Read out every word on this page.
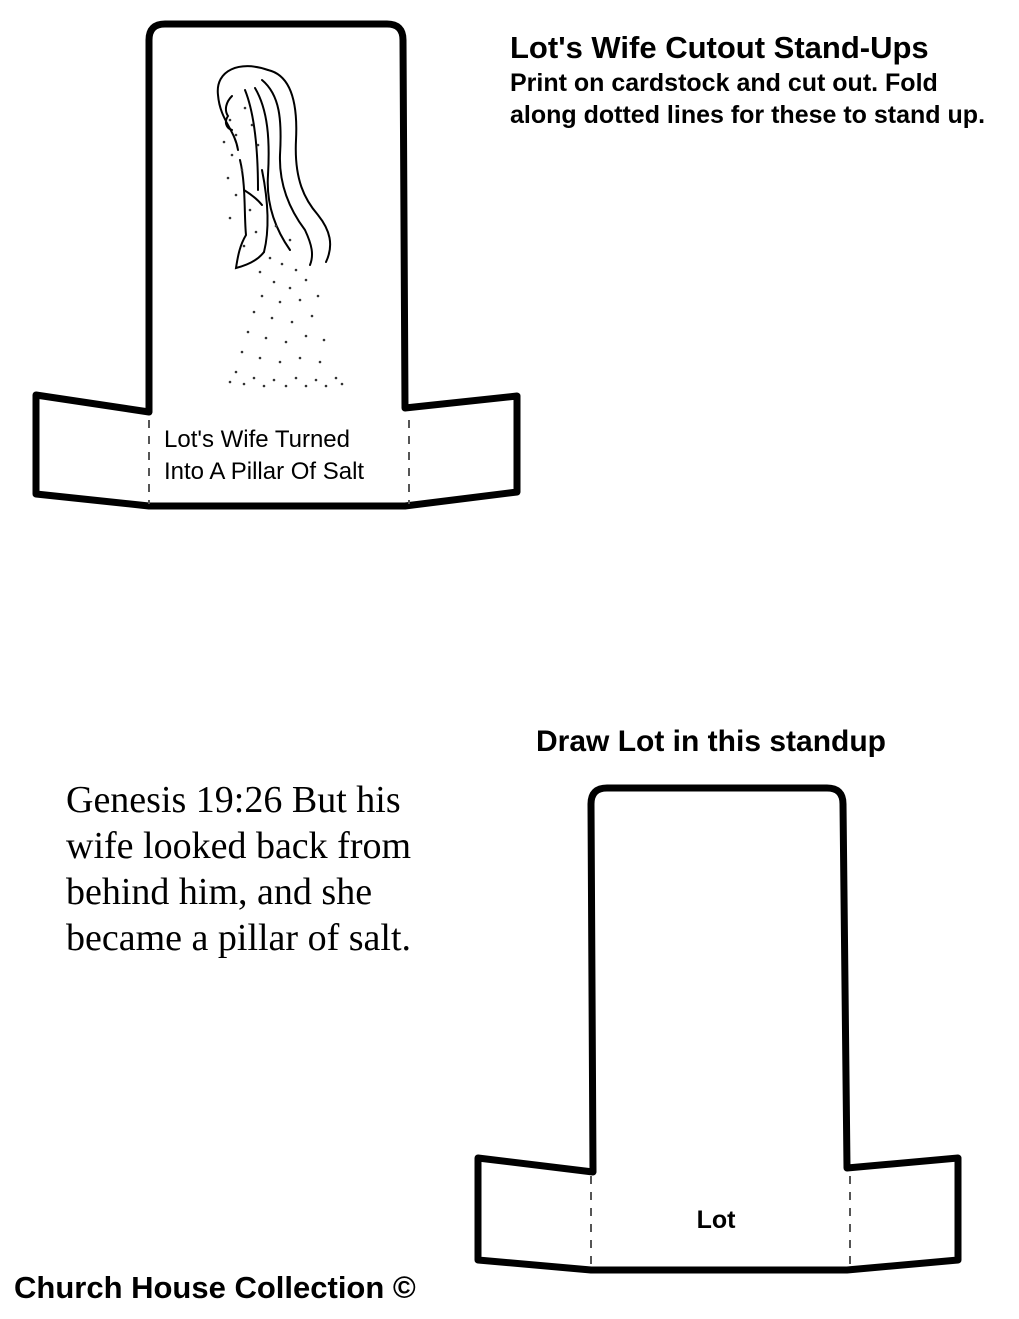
Lot's Wife Cutout Stand-Ups

Print on cardstock and cut out. Fold along dotted lines for these to stand up.

Lot's Wife Turned
Into A Pillar Of Salt
Draw Lot in this standup

Genesis 19:26 But his wife looked back from behind him, and she became a pillar of salt.

Lot
Church House Collection ©
